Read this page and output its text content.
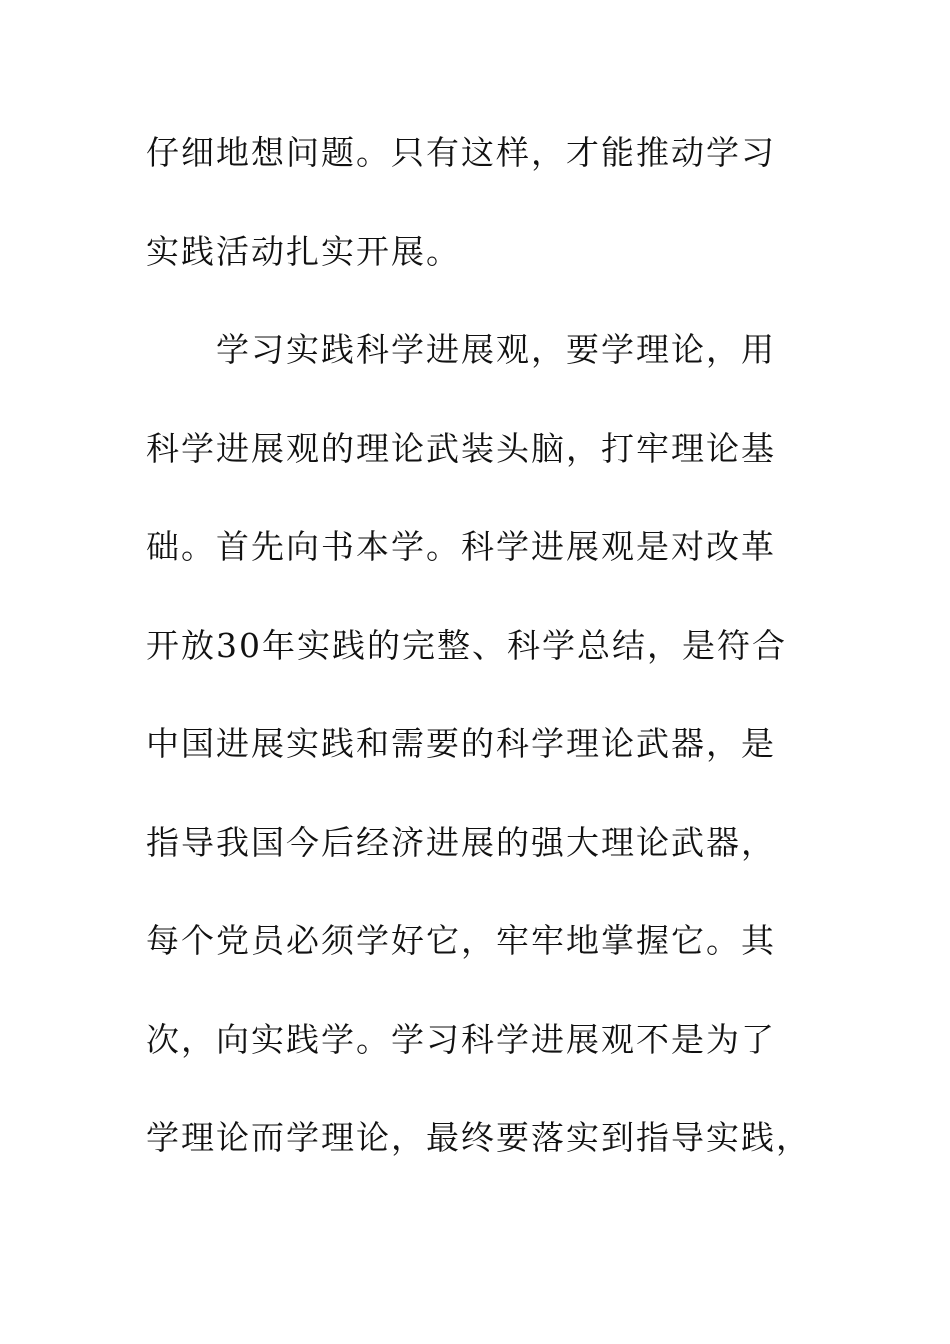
仔细地想问题。只有这样，才能推动学习
实践活动扎实开展。
学习实践科学进展观，要学理论，用
科学进展观的理论武装头脑，打牢理论基
础。首先向书本学。科学进展观是对改革
开放30年实践的完整、科学总结，是符合
中国进展实践和需要的科学理论武器，是
指导我国今后经济进展的强大理论武器，
每个党员必须学好它，牢牢地掌握它。其
次，向实践学。学习科学进展观不是为了
学理论而学理论，最终要落实到指导实践，
